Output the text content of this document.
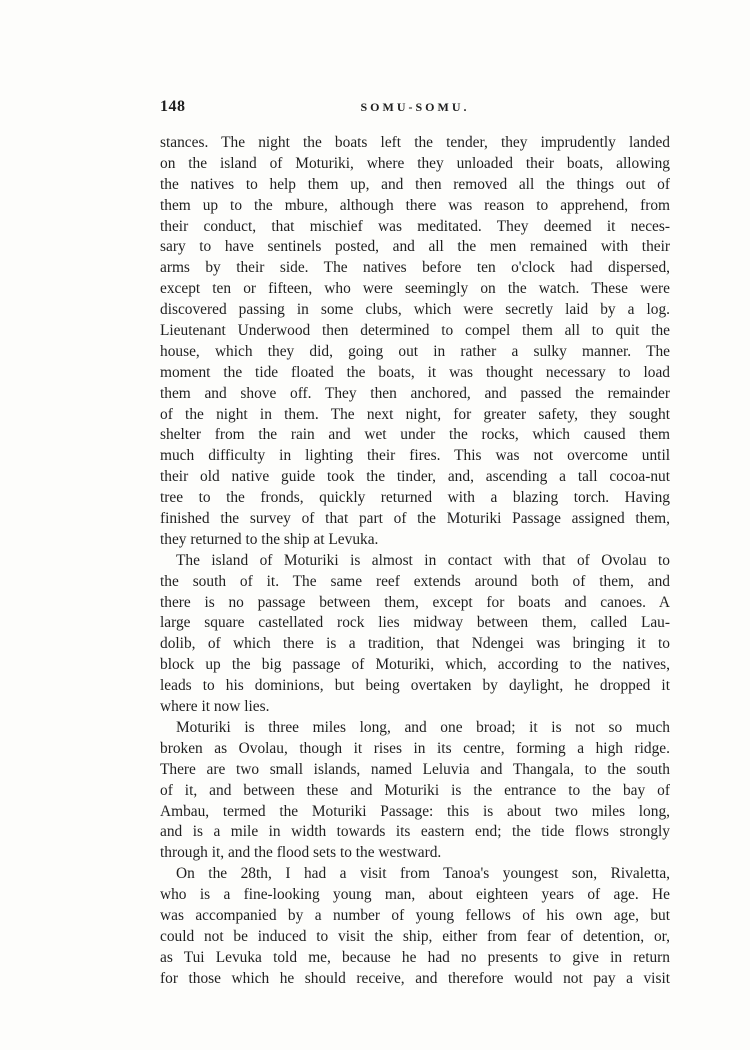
148	SOMU-SOMU.
stances. The night the boats left the tender, they imprudently landed
on the island of Moturiki, where they unloaded their boats, allowing
the natives to help them up, and then removed all the things out of
them up to the mbure, although there was reason to apprehend, from
their conduct, that mischief was meditated. They deemed it neces-
sary to have sentinels posted, and all the men remained with their
arms by their side. The natives before ten o'clock had dispersed,
except ten or fifteen, who were seemingly on the watch. These were
discovered passing in some clubs, which were secretly laid by a log.
Lieutenant Underwood then determined to compel them all to quit the
house, which they did, going out in rather a sulky manner. The
moment the tide floated the boats, it was thought necessary to load
them and shove off. They then anchored, and passed the remainder
of the night in them. The next night, for greater safety, they sought
shelter from the rain and wet under the rocks, which caused them
much difficulty in lighting their fires. This was not overcome until
their old native guide took the tinder, and, ascending a tall cocoa-nut
tree to the fronds, quickly returned with a blazing torch. Having
finished the survey of that part of the Moturiki Passage assigned them,
they returned to the ship at Levuka.
The island of Moturiki is almost in contact with that of Ovolau to
the south of it. The same reef extends around both of them, and
there is no passage between them, except for boats and canoes. A
large square castellated rock lies midway between them, called Lau-
dolib, of which there is a tradition, that Ndengei was bringing it to
block up the big passage of Moturiki, which, according to the natives,
leads to his dominions, but being overtaken by daylight, he dropped it
where it now lies.
Moturiki is three miles long, and one broad; it is not so much
broken as Ovolau, though it rises in its centre, forming a high ridge.
There are two small islands, named Leluvia and Thangala, to the south
of it, and between these and Moturiki is the entrance to the bay of
Ambau, termed the Moturiki Passage: this is about two miles long,
and is a mile in width towards its eastern end; the tide flows strongly
through it, and the flood sets to the westward.
On the 28th, I had a visit from Tanoa's youngest son, Rivaletta,
who is a fine-looking young man, about eighteen years of age. He
was accompanied by a number of young fellows of his own age, but
could not be induced to visit the ship, either from fear of detention, or,
as Tui Levuka told me, because he had no presents to give in return
for those which he should receive, and therefore would not pay a visit
